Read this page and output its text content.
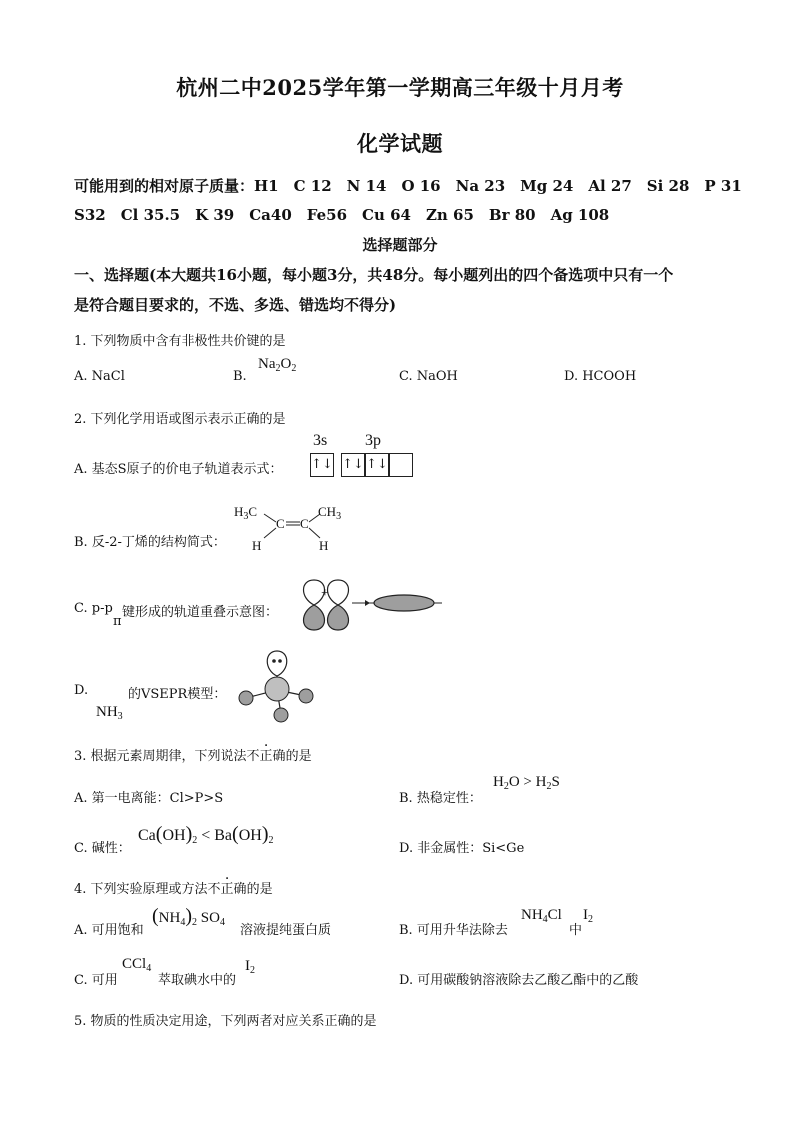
杭州二中2025学年第一学期高三年级十月月考
化学试题
可能用到的相对原子质量：H1　C 12　N 14　O 16　Na 23　Mg 24　Al 27　Si 28　P 31
S32　Cl 35.5　K 39　Ca40　Fe56　Cu 64　Zn 65　Br 80　Ag 108
选择题部分
一、选择题(本大题共16小题，每小题3分，共48分。每小题列出的四个备选项中只有一个
是符合题目要求的，不选、多选、错选均不得分)
1. 下列物质中含有非极性共价键的是
A. NaCl	B.
$Na_2O_2$
C. NaOH	D. HCOOH
2. 下列化学用语或图示表示正确的是
A. 基态S原子的价电子轨道表示式：
3s 3p
↑↓ ↑↓ ↑↓
B. 反-2-丁烯的结构简式：
$H_3C$	$CH_3$
C C
H	H
C. p-p
π
键形成的轨道重叠示意图：
+
D.	的VSEPR模型：
$NH_3$
3. 根据元素周期律，下列说法不正确的是
A. 第一电离能：Cl>P>S	B. 热稳定性：
$H_2O > H_2S$
C. 碱性：
$Ca(OH)_2 < Ba(OH)_2$
D. 非金属性：Si<Ge
4. 下列实验原理或方法不正确的是
A. 可用饱和
$(NH_4)_2$ $SO_4$
溶液提纯蛋白质	B. 可用升华法除去
$NH_4Cl$
中
$I_2$
C. 可用
CCl$_4$
萃取碘水中的
$I_2$
D. 可用碳酸钠溶液除去乙酸乙酯中的乙酸
5. 物质的性质决定用途，下列两者对应关系正确的是
